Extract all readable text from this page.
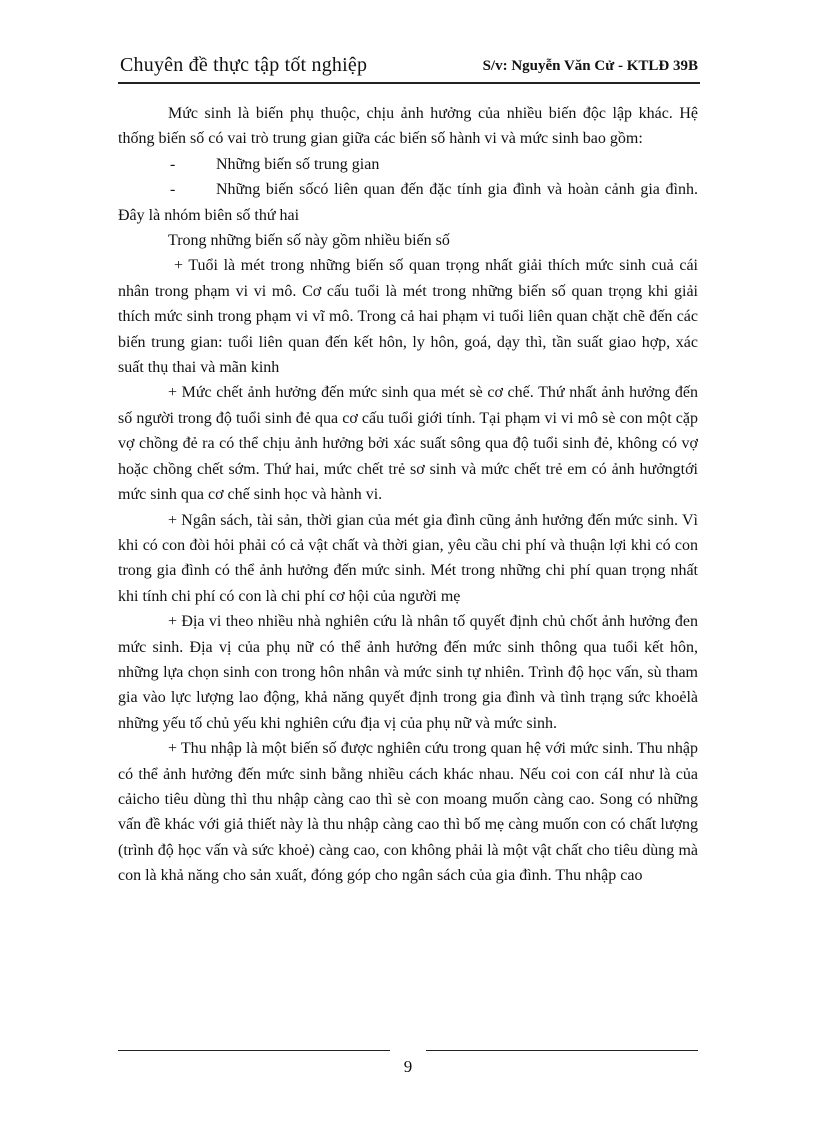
Chuyên đề thực tập tốt nghiệp	S/v: Nguyễn Văn Cử - KTLĐ 39B

Mức sinh là biến phụ thuộc, chịu ảnh hưởng của nhiều biến độc lập khác. Hệ thống biến số có vai trò trung gian giữa các biến số hành vi và mức sinh bao gồm:

-	Những biến số trung gian

-	Những biến sốcó liên quan đến đặc tính gia đình và hoàn cảnh gia đình. Đây là nhóm biên số thứ hai

Trong những biến số này gồm nhiều biến số

+ Tuổi là mét trong những biến số quan trọng nhất giải thích mức sinh cuả cái nhân trong phạm vi vi mô. Cơ cấu tuổi là mét trong những biến số quan trọng khi giải thích mức sinh trong phạm vi vĩ mô. Trong cả hai phạm vi tuổi liên quan chặt chẽ đến các biến trung gian: tuổi liên quan đến kết hôn, ly hôn, goá, dạy thì, tần suất giao hợp, xác suất thụ thai và mãn kinh

+ Mức chết ảnh hưởng đến mức sinh qua mét sè cơ chế. Thứ nhất ảnh hưởng đến số người trong độ tuổi sinh đẻ qua cơ cấu tuổi giới tính. Tại phạm vi vi mô sè con một cặp vợ chồng đẻ ra có thể chịu ảnh hưởng bởi xác suất sông qua độ tuổi sinh đẻ, không có vợ hoặc chồng chết sớm. Thứ hai, mức chết trẻ sơ sinh và mức chết trẻ em có ảnh hưởngtới mức sinh qua cơ chế sinh học và hành vi.

+ Ngân sách, tài sản, thời gian của mét gia đình cũng ảnh hưởng đến mức sinh. Vì khi có con đòi hỏi phải có cả vật chất và thời gian, yêu cầu chi phí và thuận lợi khi có con trong gia đình có thể ảnh hưởng đến mức sinh. Mét trong những chi phí quan trọng nhất khi tính chi phí có con là chi phí cơ hội của người mẹ

+ Địa vi theo nhiều nhà nghiên cứu là nhân tố quyết định chủ chốt ảnh hưởng đen mức sinh. Địa vị của phụ nữ có thể ảnh hưởng đến mức sinh thông qua tuổi kết hôn, những lựa chọn sinh con trong hôn nhân và mức sinh tự nhiên. Trình độ học vấn, sù tham gia vào lực lượng lao động, khả năng quyết định trong gia đình và tình trạng sức khoẻlà những yếu tố chủ yếu khi nghiên cứu địa vị của phụ nữ và mức sinh.

+ Thu nhập là một biến số được nghiên cứu trong quan hệ với mức sinh. Thu nhập có thể ảnh hưởng đến mức sinh bằng nhiều cách khác nhau. Nếu coi con cáI như là của cảicho tiêu dùng thì thu nhập càng cao thì sè con moang muốn càng cao. Song có những vấn đề khác với giả thiết này là thu nhập càng cao thì bố mẹ càng muốn con có chất lượng (trình độ học vấn và sức khoẻ) càng cao, con không phải là một vật chất cho tiêu dùng mà con là khả năng cho sản xuất, đóng góp cho ngân sách của gia đình. Thu nhập cao

9
